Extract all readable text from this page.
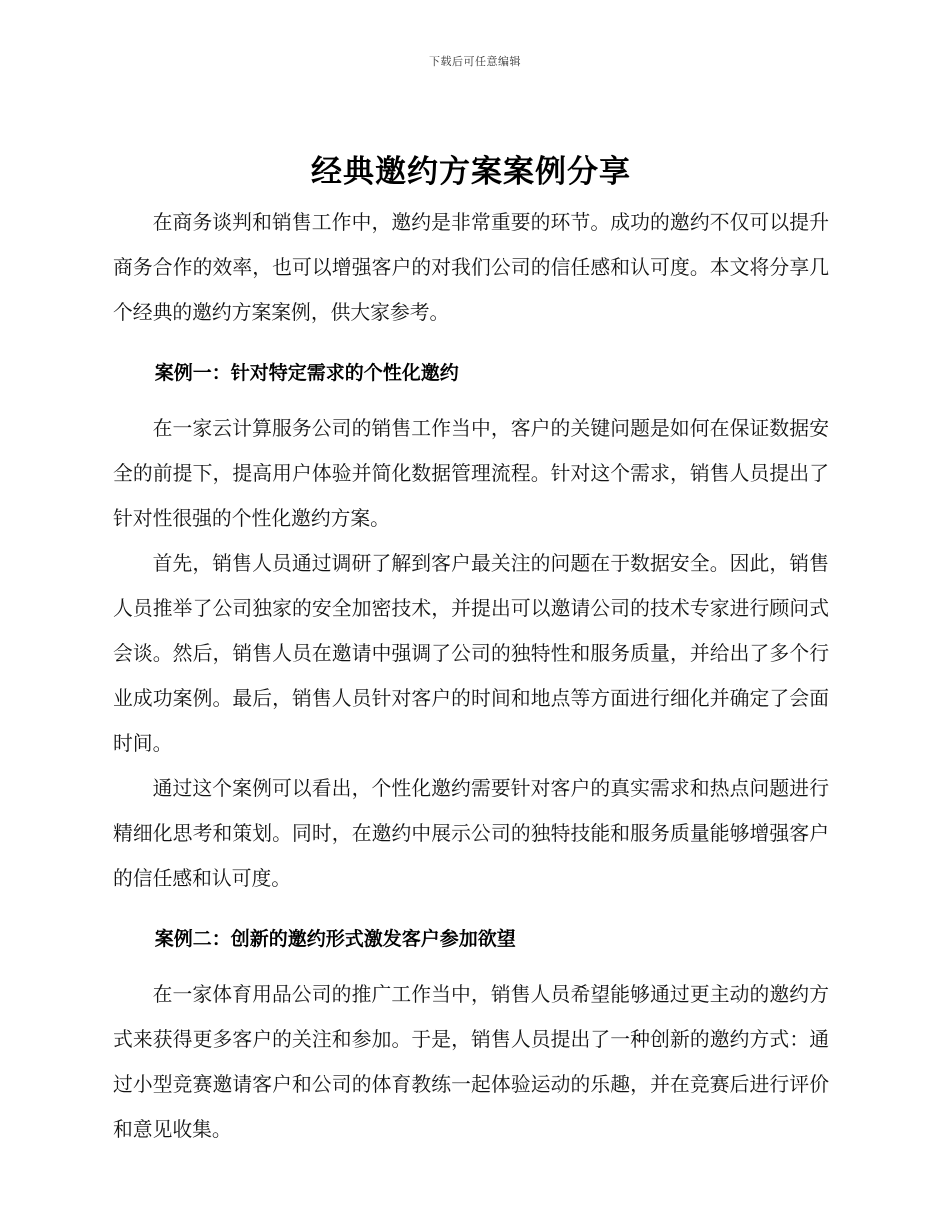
下载后可任意编辑
经典邀约方案案例分享

在商务谈判和销售工作中，邀约是非常重要的环节。成功的邀约不仅可以提升商务合作的效率，也可以增强客户的对我们公司的信任感和认可度。本文将分享几个经典的邀约方案案例，供大家参考。

案例一：针对特定需求的个性化邀约

在一家云计算服务公司的销售工作当中，客户的关键问题是如何在保证数据安全的前提下，提高用户体验并简化数据管理流程。针对这个需求，销售人员提出了针对性很强的个性化邀约方案。

首先，销售人员通过调研了解到客户最关注的问题在于数据安全。因此，销售人员推举了公司独家的安全加密技术，并提出可以邀请公司的技术专家进行顾问式会谈。然后，销售人员在邀请中强调了公司的独特性和服务质量，并给出了多个行业成功案例。最后，销售人员针对客户的时间和地点等方面进行细化并确定了会面时间。

通过这个案例可以看出，个性化邀约需要针对客户的真实需求和热点问题进行精细化思考和策划。同时，在邀约中展示公司的独特技能和服务质量能够增强客户的信任感和认可度。

案例二：创新的邀约形式激发客户参加欲望

在一家体育用品公司的推广工作当中，销售人员希望能够通过更主动的邀约方式来获得更多客户的关注和参加。于是，销售人员提出了一种创新的邀约方式：通过小型竞赛邀请客户和公司的体育教练一起体验运动的乐趣，并在竞赛后进行评价和意见收集。
